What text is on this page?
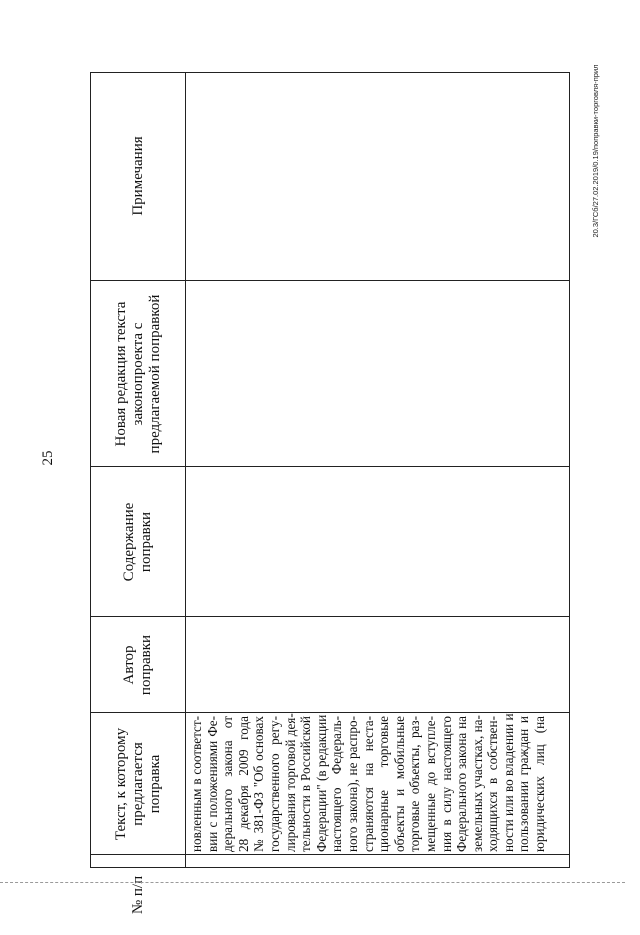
25
20.3/ГСб/27.02.2019/0.19/поправки-торговля-прил
№ п/п
Текст, к которому предлагается поправка
Автор поправки
Содержание поправки
Новая редакция текста законопроекта с предлагаемой поправкой
Примечания
новленным в соответст- вии с положениями Фе- дерального закона от 28 декабря 2009 года № 381-ФЗ "Об основах государственного регу- лирования торговой дея- тельности в Российской Федерации" (в редакции настоящего Федераль- ного закона), не распро- страняются на неста- ционарные торговые объекты и мобильные торговые объекты, раз- мещенные до вступле- ния в силу настоящего Федерального закона на земельных участках, на- ходящихся в собствен- ности или во владении и пользовании граждан и юридических лиц (на
